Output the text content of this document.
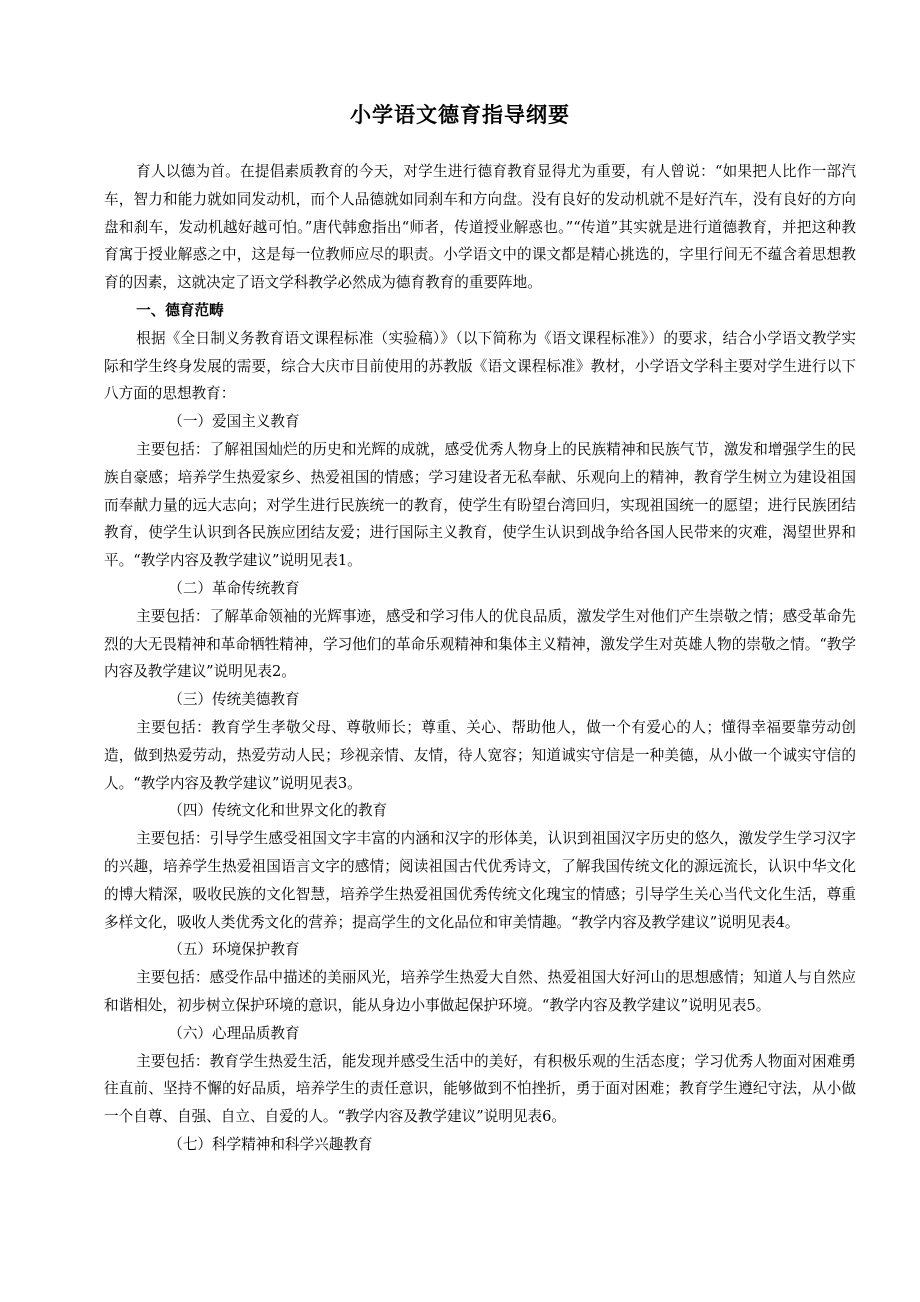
小学语文德育指导纲要

育人以德为首。在提倡素质教育的今天，对学生进行德育教育显得尤为重要，有人曾说：“如果把人比作一部汽车，智力和能力就如同发动机，而个人品德就如同刹车和方向盘。没有良好的发动机就不是好汽车，没有良好的方向盘和刹车，发动机越好越可怕。”唐代韩愈指出“师者，传道授业解惑也。”“传道”其实就是进行道德教育，并把这种教育寓于授业解惑之中，这是每一位教师应尽的职责。小学语文中的课文都是精心挑选的，字里行间无不蕴含着思想教育的因素，这就决定了语文学科教学必然成为德育教育的重要阵地。

一、德育范畴

根据《全日制义务教育语文课程标准（实验稿）》（以下简称为《语文课程标准》）的要求，结合小学语文教学实际和学生终身发展的需要，综合大庆市目前使用的苏教版《语文课程标准》教材，小学语文学科主要对学生进行以下八方面的思想教育：

（一）爱国主义教育

主要包括：了解祖国灿烂的历史和光辉的成就，感受优秀人物身上的民族精神和民族气节，激发和增强学生的民族自豪感；培养学生热爱家乡、热爱祖国的情感；学习建设者无私奉献、乐观向上的精神，教育学生树立为建设祖国而奉献力量的远大志向；对学生进行民族统一的教育，使学生有盼望台湾回归，实现祖国统一的愿望；进行民族团结教育，使学生认识到各民族应团结友爱；进行国际主义教育，使学生认识到战争给各国人民带来的灾难，渴望世界和平。“教学内容及教学建议”说明见表1。

（二）革命传统教育

主要包括：了解革命领袖的光辉事迹，感受和学习伟人的优良品质，激发学生对他们产生崇敬之情；感受革命先烈的大无畏精神和革命牺牲精神，学习他们的革命乐观精神和集体主义精神，激发学生对英雄人物的崇敬之情。“教学内容及教学建议”说明见表2。

（三）传统美德教育

主要包括：教育学生孝敬父母、尊敬师长；尊重、关心、帮助他人，做一个有爱心的人；懂得幸福要靠劳动创造，做到热爱劳动，热爱劳动人民；珍视亲情、友情，待人宽容；知道诚实守信是一种美德，从小做一个诚实守信的人。“教学内容及教学建议”说明见表3。

（四）传统文化和世界文化的教育

主要包括：引导学生感受祖国文字丰富的内涵和汉字的形体美，认识到祖国汉字历史的悠久，激发学生学习汉字的兴趣，培养学生热爱祖国语言文字的感情；阅读祖国古代优秀诗文，了解我国传统文化的源远流长，认识中华文化的博大精深，吸收民族的文化智慧，培养学生热爱祖国优秀传统文化瑰宝的情感；引导学生关心当代文化生活，尊重多样文化，吸收人类优秀文化的营养；提高学生的文化品位和审美情趣。“教学内容及教学建议”说明见表4。

（五）环境保护教育

主要包括：感受作品中描述的美丽风光，培养学生热爱大自然、热爱祖国大好河山的思想感情；知道人与自然应和谐相处，初步树立保护环境的意识，能从身边小事做起保护环境。“教学内容及教学建议”说明见表5。

（六）心理品质教育

主要包括：教育学生热爱生活，能发现并感受生活中的美好，有积极乐观的生活态度；学习优秀人物面对困难勇往直前、坚持不懈的好品质，培养学生的责任意识，能够做到不怕挫折，勇于面对困难；教育学生遵纪守法，从小做一个自尊、自强、自立、自爱的人。“教学内容及教学建议”说明见表6。

（七）科学精神和科学兴趣教育
